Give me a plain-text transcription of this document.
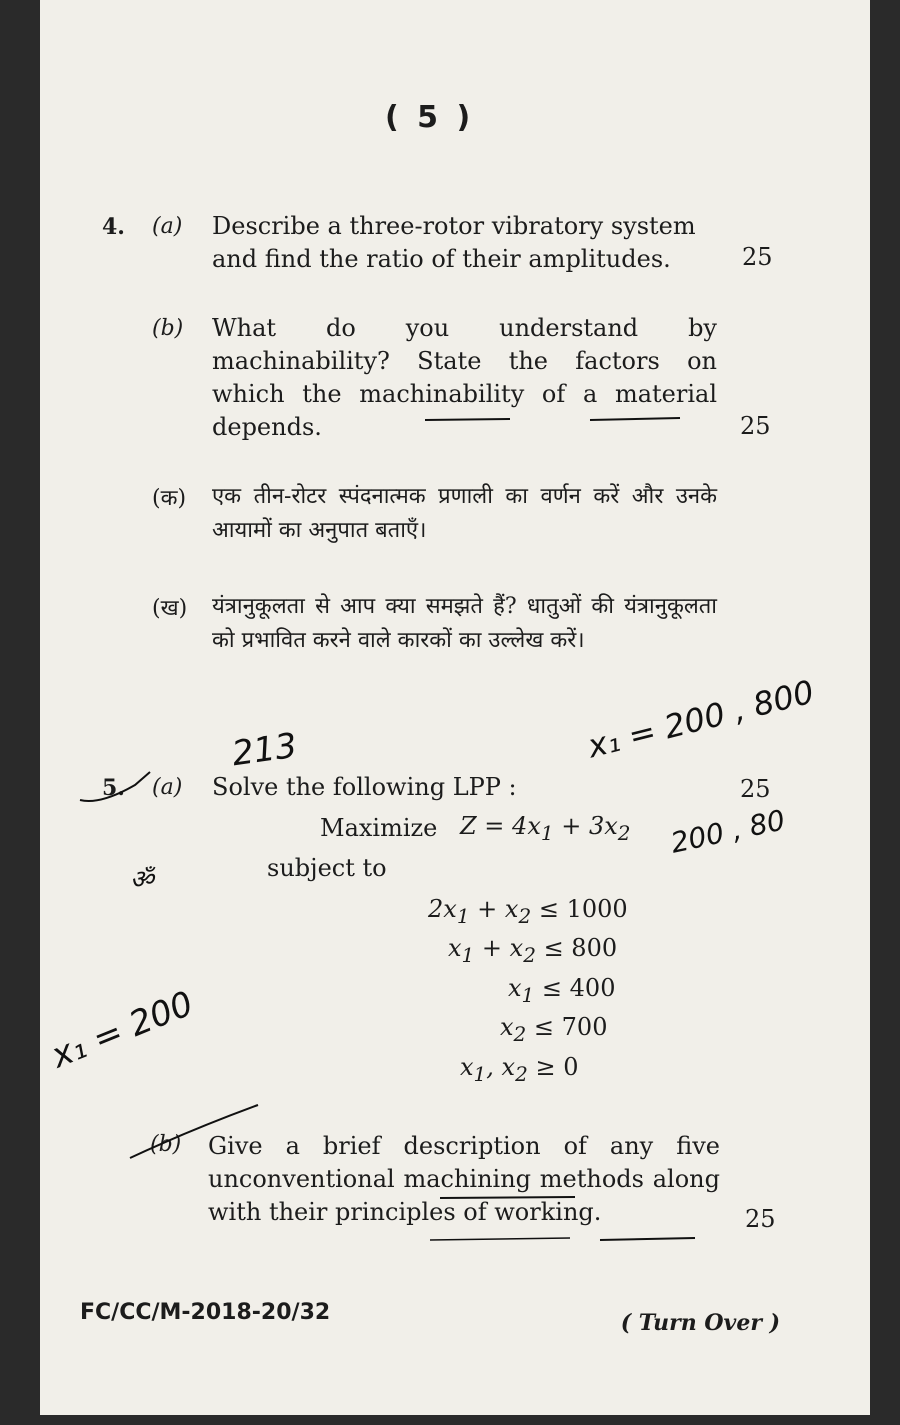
( 5 )
4. (a) Describe a three-rotor vibratory system and find the ratio of their amplitudes.	25
(b) What do you understand by machinability? State the factors on which the machinability of a material depends.	25
(क) एक तीन-रोटर स्पंदनात्मक प्रणाली का वर्णन करें और उनके आयामों का अनुपात बताएँ।
(ख) यंत्रानुकूलता से आप क्या समझते हैं? धातुओं की यंत्रानुकूलता को प्रभावित करने वाले कारकों का उल्लेख करें।
5. (a) Solve the following LPP :	25
Maximize $Z = 4x_1 + 3x_2$
subject to
$2x_1 + x_2 \le 1000$
$x_1 + x_2 \le 800$
$x_1 \le 400$
$x_2 \le 700$
$x_1$, $x_2 \ge 0$
(b) Give a brief description of any five unconventional machining methods along with their principles of working.	25
FC/CC/M-2018-20/32	( Turn Over )
213	x₁ = 200 , 800
200 , 80
ॐ
x₁ = 200
